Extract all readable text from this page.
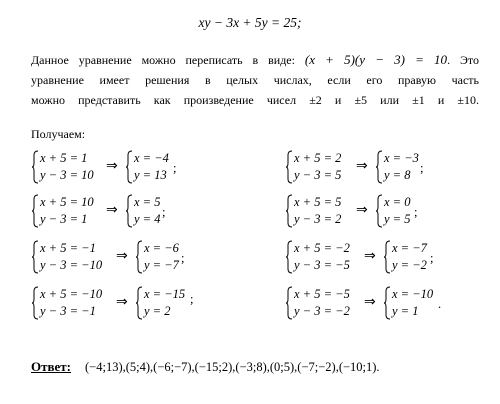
xy − 3x + 5y = 25;
Данное уравнение можно переписать в виде: (x + 5)(y − 3) = 10. Это
уравнение имеет решения в целых числах, если его правую часть
можно представить как произведение чисел ±2 и ±5 или ±1 и ±10.
Получаем:
x + 5 = 1
y − 3 = 10
⇒ x = −4
y = 13 ;
x + 5 = 2
y − 3 = 5
⇒ x = −3
y = 8 ;
x + 5 = 10
y − 3 = 1
⇒ x = 5
y = 4 ;
x + 5 = 5
y − 3 = 2
⇒ x = 0
y = 5 ;
x + 5 = −1
y − 3 = −10
⇒ x = −6
y = −7 ;
x + 5 = −2
y − 3 = −5
⇒ x = −7
y = −2 ;
x + 5 = −10
y − 3 = −1
⇒ x = −15
y = 2
;	x + 5 = −5
y − 3 = −2
⇒ x = −10
y = 1	.
Ответ: (−4;13),(5;4),(−6;−7),(−15;2),(−3;8),(0;5),(−7;−2),(−10;1).
